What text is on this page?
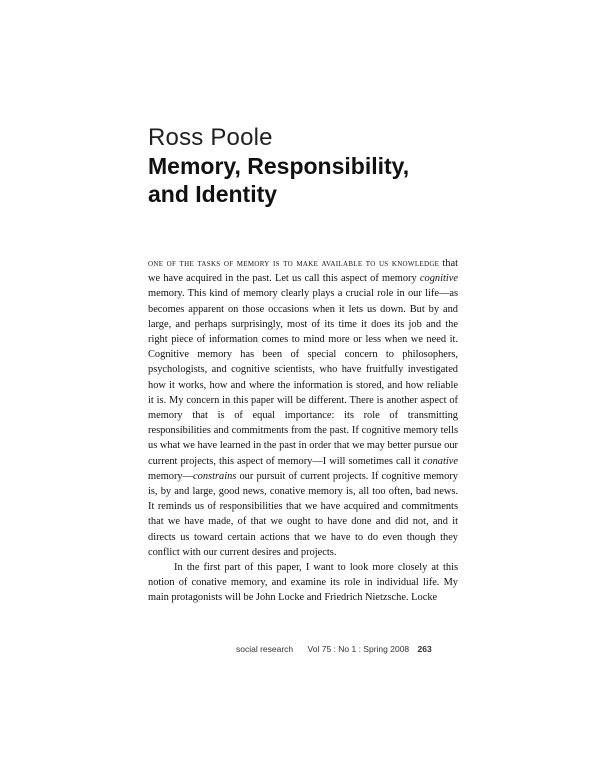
Ross Poole
Memory, Responsibility,
and Identity

one of the tasks of memory is to make available to us knowledge that we have acquired in the past. Let us call this aspect of memory cognitive memory. This kind of memory clearly plays a crucial role in our life—as becomes apparent on those occasions when it lets us down. But by and large, and perhaps surprisingly, most of its time it does its job and the right piece of information comes to mind more or less when we need it. Cognitive memory has been of special concern to philosophers, psychologists, and cognitive scientists, who have fruitfully investigated how it works, how and where the information is stored, and how reliable it is. My concern in this paper will be different. There is another aspect of memory that is of equal importance: its role of transmitting responsibilities and commitments from the past. If cognitive memory tells us what we have learned in the past in order that we may better pursue our current projects, this aspect of memory—I will sometimes call it conative memory—constrains our pursuit of current projects. If cognitive memory is, by and large, good news, conative memory is, all too often, bad news. It reminds us of responsibilities that we have acquired and commitments that we have made, of that we ought to have done and did not, and it directs us toward certain actions that we have to do even though they conflict with our current desires and projects.

In the first part of this paper, I want to look more closely at this notion of conative memory, and examine its role in individual life. My main protagonists will be John Locke and Friedrich Nietzsche. Locke

social research Vol 75 : No 1 : Spring 2008 263
